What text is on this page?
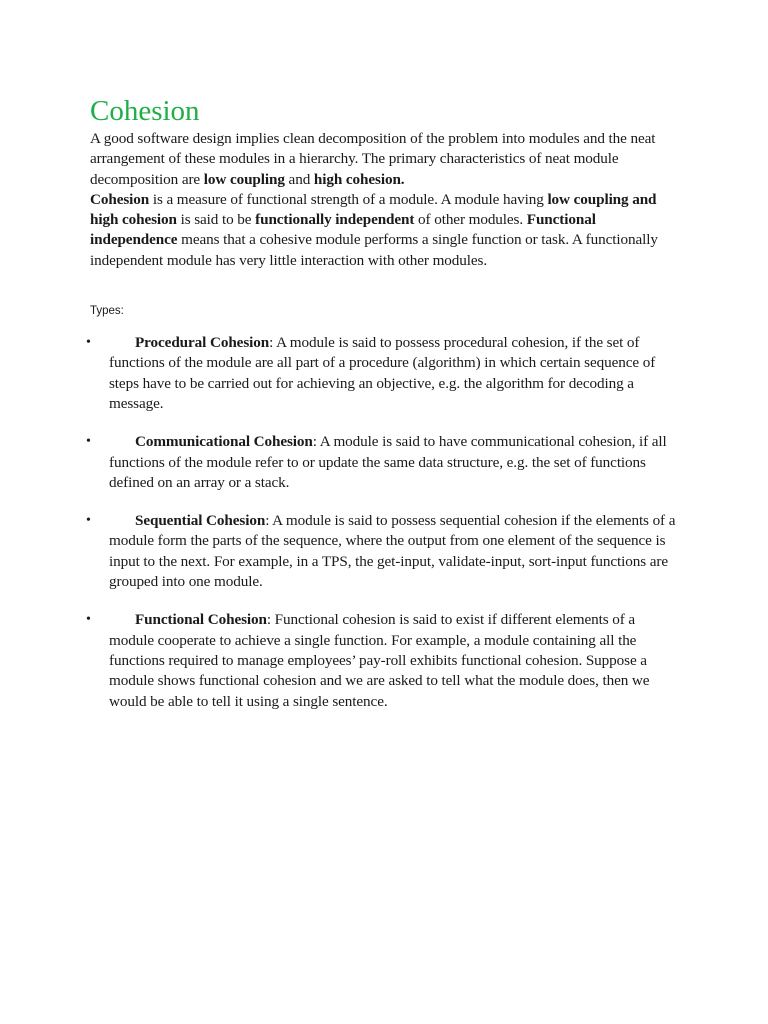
Cohesion

A good software design implies clean decomposition of the problem into modules and the neat arrangement of these modules in a hierarchy. The primary characteristics of neat module decomposition are low coupling and high cohesion.

Cohesion is a measure of functional strength of a module. A module having low coupling and high cohesion is said to be functionally independent of other modules. Functional independence means that a cohesive module performs a single function or task. A functionally independent module has very little interaction with other modules.

Types:

•	Procedural Cohesion: A module is said to possess procedural cohesion, if the set of functions of the module are all part of a procedure (algorithm) in which certain sequence of steps have to be carried out for achieving an objective, e.g. the algorithm for decoding a message.
•	Communicational Cohesion: A module is said to have communicational cohesion, if all functions of the module refer to or update the same data structure, e.g. the set of functions defined on an array or a stack.
•	Sequential Cohesion: A module is said to possess sequential cohesion if the elements of a module form the parts of the sequence, where the output from one element of the sequence is input to the next. For example, in a TPS, the get-input, validate-input, sort-input functions are grouped into one module.
•	Functional Cohesion: Functional cohesion is said to exist if different elements of a module cooperate to achieve a single function. For example, a module containing all the functions required to manage employees’ pay-roll exhibits functional cohesion. Suppose a module shows functional cohesion and we are asked to tell what the module does, then we would be able to tell it using a single sentence.
